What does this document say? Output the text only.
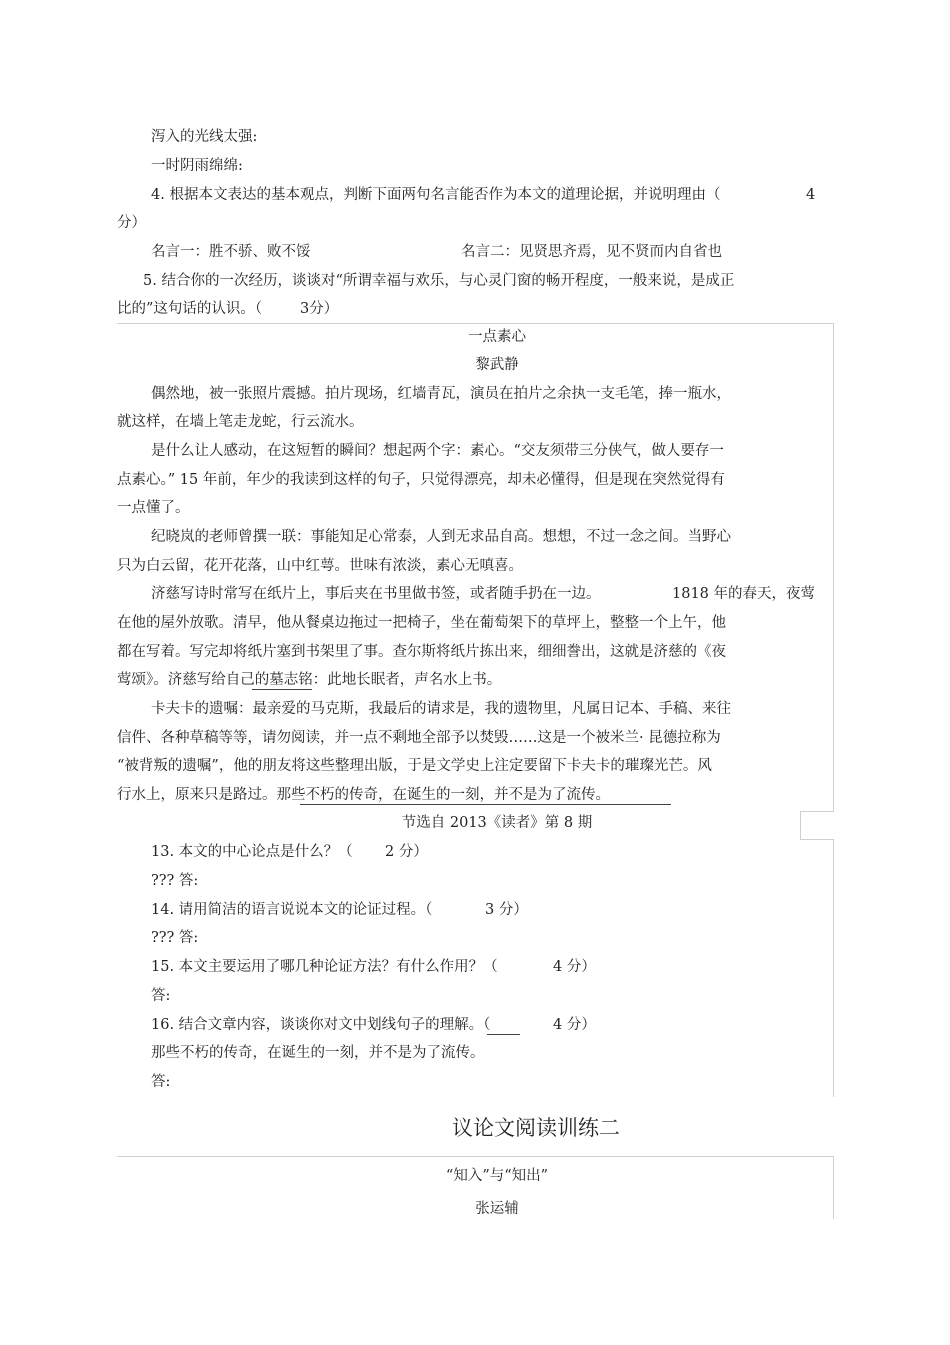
泻入的光线太强:
一时阴雨绵绵:
4. 根据本文表达的基本观点，判断下面两句名言能否作为本文的道理论据，并说明理由（	4
分）
名言一：胜不骄、败不馁	名言二：见贤思齐焉，见不贤而内自省也
5. 结合你的一次经历，谈谈对“所谓幸福与欢乐，与心灵门窗的畅开程度，一般来说，是成正
比的”这句话的认识。（	3分）
一点素心
黎武静
偶然地，被一张照片震撼。拍片现场，红墙青瓦，演员在拍片之余执一支毛笔，捧一瓶水，
就这样，在墙上笔走龙蛇，行云流水。
是什么让人感动，在这短暂的瞬间？想起两个字：素心。“交友须带三分侠气，做人要存一
点素心。” 15 年前，年少的我读到这样的句子，只觉得漂亮，却未必懂得，但是现在突然觉得有
一点懂了。
纪晓岚的老师曾撰一联：事能知足心常泰，人到无求品自高。想想，不过一念之间。当野心
只为白云留，花开花落，山中红萼。世味有浓淡，素心无嗔喜。
济慈写诗时常写在纸片上，事后夹在书里做书签，或者随手扔在一边。	1818 年的春天，夜莺
在他的屋外放歌。清早，他从餐桌边拖过一把椅子，坐在葡萄架下的草坪上，整整一个上午，他
都在写着。写完却将纸片塞到书架里了事。查尔斯将纸片拣出来，细细誊出，这就是济慈的《夜
莺颂》。济慈写给自己的墓志铭：此地长眠者，声名水上书。
卡夫卡的遗嘱：最亲爱的马克斯，我最后的请求是，我的遗物里，凡属日记本、手稿、来往
信件、各种草稿等等，请勿阅读，并一点不剩地全部予以焚毁……这是一个被米兰· 昆德拉称为
“被背叛的遗嘱”，他的朋友将这些整理出版，于是文学史上注定要留下卡夫卡的璀璨光芒。风
行水上，原来只是路过。那些不朽的传奇，在诞生的一刻，并不是为了流传。
节选自 2013《读者》第 8 期
13. 本文的中心论点是什么？（ 2 分）
??? 答:
14. 请用简洁的语言说说本文的论证过程。（	3 分）
??? 答:
15. 本文主要运用了哪几种论证方法？有什么作用？（	4 分）
答:
16. 结合文章内容，谈谈你对文中划线句子的理解。（	4 分）
那些不朽的传奇，在诞生的一刻，并不是为了流传。
答:
议论文阅读训练二
“知入”与“知出”
张运辅
